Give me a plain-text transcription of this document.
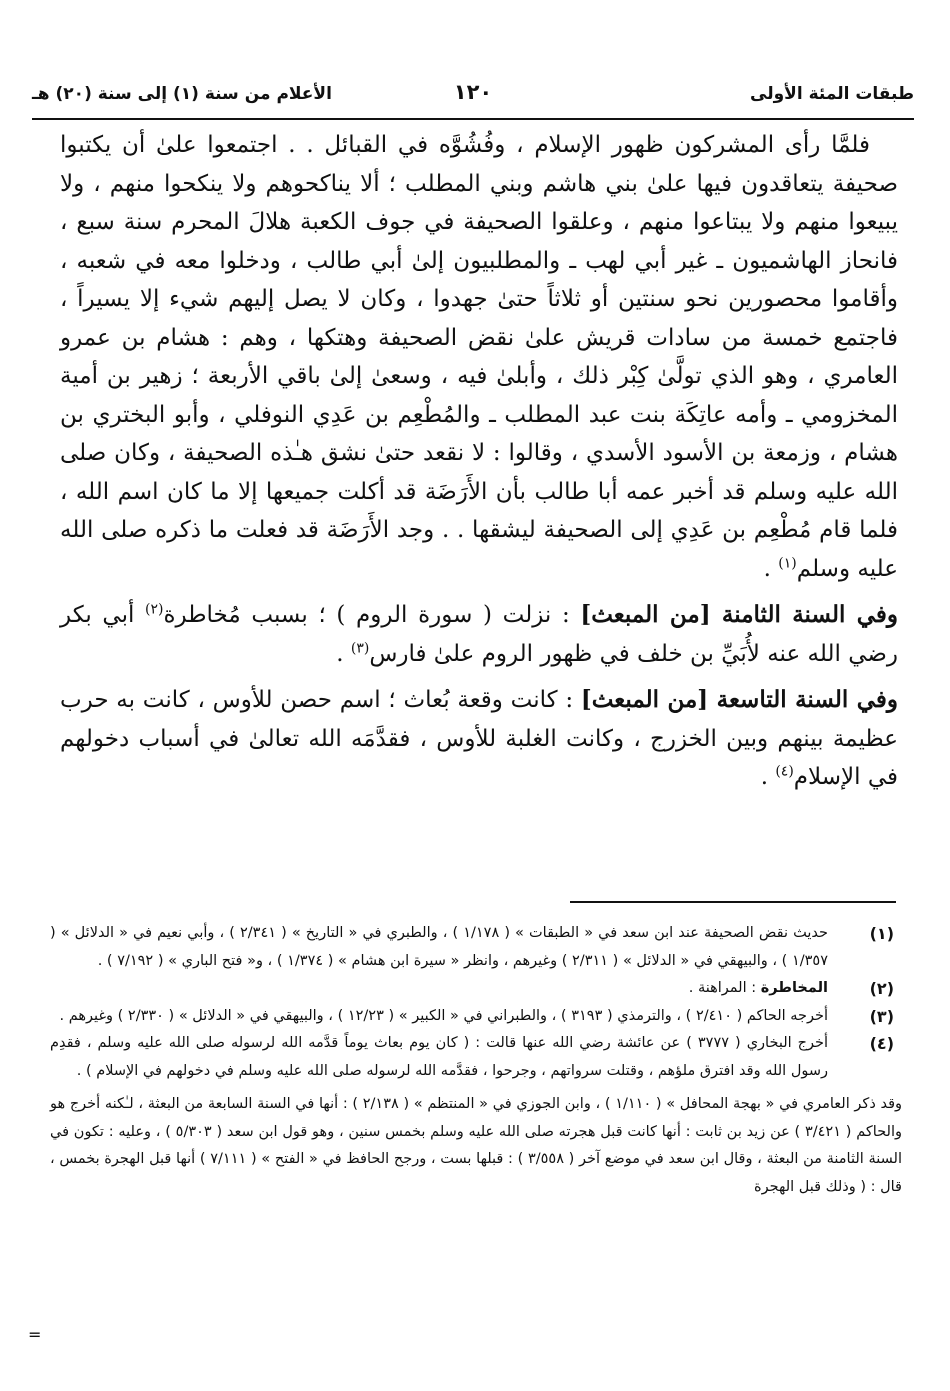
طبقات المئة الأولى
١٢٠
الأعلام من سنة (١) إلى سنة (٢٠) هـ

فلمَّا رأى المشركون ظهور الإسلام ، وفُشُوَّه في القبائل . . اجتمعوا علىٰ أن يكتبوا صحيفة يتعاقدون فيها علىٰ بني هاشم وبني المطلب ؛ ألا يناكحوهم ولا ينكحوا منهم ، ولا يبيعوا منهم ولا يبتاعوا منهم ، وعلقوا الصحيفة في جوف الكعبة هلالَ المحرم سنة سبع ، فانحاز الهاشميون ـ غير أبي لهب ـ والمطلبيون إلىٰ أبي طالب ، ودخلوا معه في شعبه ، وأقاموا محصورين نحو سنتين أو ثلاثاً حتىٰ جهدوا ، وكان لا يصل إليهم شيء إلا يسيراً ، فاجتمع خمسة من سادات قريش علىٰ نقض الصحيفة وهتكها ، وهم : هشام بن عمرو العامري ، وهو الذي تولَّىٰ كِبْر ذلك ، وأبلىٰ فيه ، وسعىٰ إلىٰ باقي الأربعة ؛ زهير بن أمية المخزومي ـ وأمه عاتِكَة بنت عبد المطلب ـ والمُطْعِم بن عَدِي النوفلي ، وأبو البختري بن هشام ، وزمعة بن الأسود الأسدي ، وقالوا : لا نقعد حتىٰ نشق هـٰذه الصحيفة ، وكان صلى الله عليه وسلم قد أخبر عمه أبا طالب بأن الأَرَضَة قد أكلت جميعها إلا ما كان اسم الله ، فلما قام مُطْعِم بن عَدِي إلى الصحيفة ليشقها . . وجد الأَرَضَة قد فعلت ما ذكره صلى الله عليه وسلم$^{(١)}$ .

وفي السنة الثامنة [من المبعث] : نزلت ( سورة الروم ) ؛ بسبب مُخاطرة$^{(٢)}$ أبي بكر رضي الله عنه لأُبَيِّ بن خلف في ظهور الروم علىٰ فارس$^{(٣)}$ .

وفي السنة التاسعة [من المبعث] : كانت وقعة بُعاث ؛ اسم حصن للأوس ، كانت به حرب عظيمة بينهم وبين الخزرج ، وكانت الغلبة للأوس ، فقدَّمَه الله تعالىٰ في أسباب دخولهم في الإسلام$^{(٤)}$ .

(١)
حديث نقض الصحيفة عند ابن سعد في « الطبقات » ( ١/١٧٨ ) ، والطبري في « التاريخ » ( ٢/٣٤١ ) ، وأبي نعيم في « الدلائل » ( ١/٣٥٧ ) ، والبيهقي في « الدلائل » ( ٢/٣١١ ) وغيرهم ، وانظر « سيرة ابن هشام » ( ١/٣٧٤ ) ، و« فتح الباري » ( ٧/١٩٢ ) .

(٢)
المخاطرة : المراهنة .

(٣)
أخرجه الحاكم ( ٢/٤١٠ ) ، والترمذي ( ٣١٩٣ ) ، والطبراني في « الكبير » ( ١٢/٢٣ ) ، والبيهقي في « الدلائل » ( ٢/٣٣٠ ) وغيرهم .

(٤)
أخرج البخاري ( ٣٧٧٧ ) عن عائشة رضي الله عنها قالت : ( كان يوم بعاث يوماً قدَّمه الله لرسوله صلى الله عليه وسلم ، فقدِم رسول الله وقد افترق ملؤهم ، وقتلت سرواتهم ، وجرحوا ، فقدَّمه الله لرسوله صلى الله عليه وسلم في دخولهم في الإسلام ) .

وقد ذكر العامري في « بهجة المحافل » ( ١/١١٠ ) ، وابن الجوزي في « المنتظم » ( ٢/١٣٨ ) : أنها في السنة السابعة من البعثة ، لـٰكنه أخرج هو والحاكم ( ٣/٤٢١ ) عن زيد بن ثابت : أنها كانت قبل هجرته صلى الله عليه وسلم بخمس سنين ، وهو قول ابن سعد ( ٥/٣٠٣ ) ، وعليه : تكون في السنة الثامنة من البعثة ، وقال ابن سعد في موضع آخر ( ٣/٥٥٨ ) : قبلها بست ، ورجح الحافظ في « الفتح » ( ٧/١١١ ) أنها قبل الهجرة بخمس ، قال : ( وذلك قبل الهجرة

=
